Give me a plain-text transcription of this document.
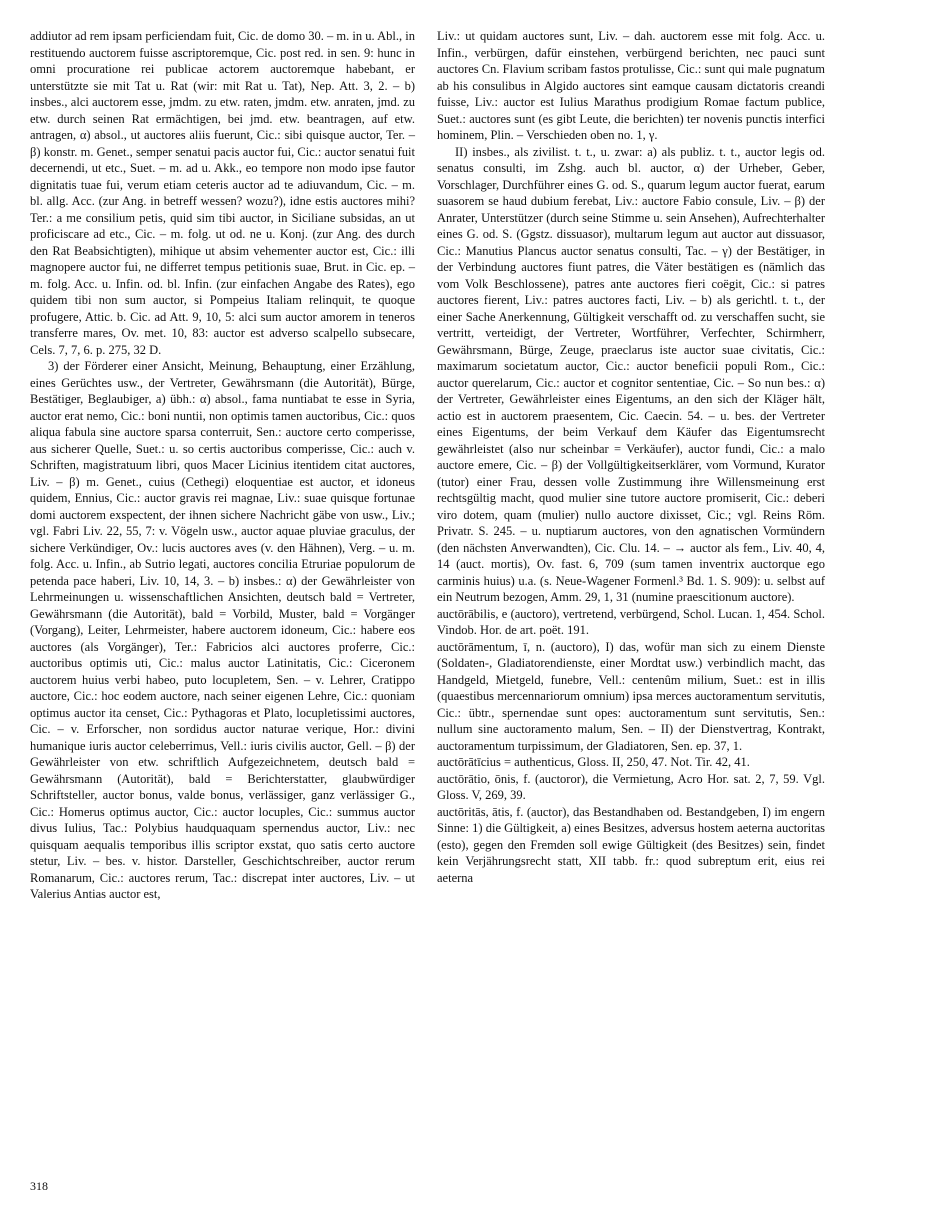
addiutor ad rem ipsam perficiendam fuit, Cic. de domo 30. – m. in u. Abl., in restituendo auctorem fuisse ascriptoremque, Cic. post red. in sen. 9: hunc in omni procuratione rei publicae actorem auctoremque habebant, er unterstützte sie mit Tat u. Rat (wir: mit Rat u. Tat), Nep. Att. 3, 2. – b) insbes., alci auctorem esse, jmdm. zu etw. raten, jmdm. etw. anraten, jmd. zu etw. durch seinen Rat ermächtigen, bei jmd. etw. beantragen, auf etw. antragen, α) absol., ut auctores aliis fuerunt, Cic.: sibi quisque auctor, Ter. – β) konstr. m. Genet., semper senatui pacis auctor fui, Cic.: auctor senatui fuit decernendi, ut etc., Suet. – m. ad u. Akk., eo tempore non modo ipse fautor dignitatis tuae fui, verum etiam ceteris auctor ad te adiuvandum, Cic. – m. bl. allg. Acc. (zur Ang. in betreff wessen? wozu?), idne estis auctores mihi? Ter.: a me consilium petis, quid sim tibi auctor, in Siciliane subsidas, an ut proficiscare ad etc., Cic. – m. folg. ut od. ne u. Konj. (zur Ang. des durch den Rat Beabsichtigten), mihique ut absim vehementer auctor est, Cic.: illi magnopere auctor fui, ne differret tempus petitionis suae, Brut. in Cic. ep. – m. folg. Acc. u. Infin. od. bl. Infin. (zur einfachen Angabe des Rates), ego quidem tibi non sum auctor, si Pompeius Italiam relinquit, te quoque profugere, Attic. b. Cic. ad Att. 9, 10, 5: alci sum auctor amorem in teneros transferre mares, Ov. met. 10, 83: auctor est adverso scalpello subsecare, Cels. 7, 7, 6. p. 275, 32 D.

3) der Förderer einer Ansicht, Meinung, Behauptung, einer Erzählung, eines Gerüchtes usw., der Vertreter, Gewährsmann (die Autorität), Bürge, Bestätiger, Beglaubiger, a) übh.: α) absol., fama nuntiabat te esse in Syria, auctor erat nemo, Cic.: boni nuntii, non optimis tamen auctoribus, Cic.: quos aliqua fabula sine auctore sparsa conterruit, Sen.: auctore certo comperisse, aus sicherer Quelle, Suet.: u. so certis auctoribus comperisse, Cic.: auch v. Schriften, magistratuum libri, quos Macer Licinius itentidem citat auctores, Liv. – β) m. Genet., cuius (Cethegi) eloquentiae est auctor, et idoneus quidem, Ennius, Cic.: auctor gravis rei magnae, Liv.: suae quisque fortunae domi auctorem exspectent, der ihnen sichere Nachricht gäbe von usw., Liv.; vgl. Fabri Liv. 22, 55, 7: v. Vögeln usw., auctor aquae pluviae graculus, der sichere Verkündiger, Ov.: lucis auctores aves (v. den Hähnen), Verg. – u. m. folg. Acc. u. Infin., ab Sutrio legati, auctores concilia Etruriae populorum de petenda pace haberi, Liv. 10, 14, 3. – b) insbes.: α) der Gewährleister von Lehrmeinungen u. wissenschaftlichen Ansichten, deutsch bald = Vertreter, Gewährsmann (die Autorität), bald = Vorbild, Muster, bald = Vorgänger (Vorgang), Leiter, Lehrmeister, habere auctorem idoneum, Cic.: habere eos auctores (als Vorgänger), Ter.: Fabricios alci auctores proferre, Cic.: auctoribus optimis uti, Cic.: malus auctor Latinitatis, Cic.: Ciceronem auctorem huius verbi habeo, puto locupletem, Sen. – v. Lehrer, Cratippo auctore, Cic.: hoc eodem auctore, nach seiner eigenen Lehre, Cic.: quoniam optimus auctor ita censet, Cic.: Pythagoras et Plato, locupletissimi auctores, Cic. – v. Erforscher, non sordidus auctor naturae verique, Hor.: divini humanique iuris auctor celeberrimus, Vell.: iuris civilis auctor, Gell. – β) der Gewährleister von etw. schriftlich Aufgezeichnetem, deutsch bald = Gewährsmann (Autorität), bald = Berichterstatter, glaubwürdiger Schriftsteller, auctor bonus, valde bonus, verlässiger, ganz verlässiger G., Cic.: Homerus optimus auctor, Cic.: auctor locuples, Cic.: summus auctor divus Iulius, Tac.: Polybius haudquaquam spernendus auctor, Liv.: nec quisquam aequalis temporibus illis scriptor exstat, quo satis certo auctore stetur, Liv. – bes. v. histor. Darsteller, Geschichtschreiber, auctor rerum Romanarum, Cic.: auctores rerum, Tac.: discrepat inter auctores, Liv. – ut Valerius Antias auctor est,

Liv.: ut quidam auctores sunt, Liv. – dah. auctorem esse mit folg. Acc. u. Infin., verbürgen, dafür einstehen, verbürgend berichten, nec pauci sunt auctores Cn. Flavium scribam fastos protulisse, Cic.: sunt qui male pugnatum ab his consulibus in Algido auctores sint eamque causam dictatoris creandi fuisse, Liv.: auctor est Iulius Marathus prodigium Romae factum publice, Suet.: auctores sunt (es gibt Leute, die berichten) ter novenis punctis interfici hominem, Plin. – Verschieden oben no. 1, γ.

II) insbes., als zivilist. t. t., u. zwar: a) als publiz. t. t., auctor legis od. senatus consulti, im Zshg. auch bl. auctor, α) der Urheber, Geber, Vorschlager, Durchführer eines G. od. S., quarum legum auctor fuerat, earum suasorem se haud dubium ferebat, Liv.: auctore Fabio consule, Liv. – β) der Anrater, Unterstützer (durch seine Stimme u. sein Ansehen), Aufrechterhalter eines G. od. S. (Ggstz. dissuasor), multarum legum aut auctor aut dissuasor, Cic.: Manutius Plancus auctor senatus consulti, Tac. – γ) der Bestätiger, in der Verbindung auctores fiunt patres, die Väter bestätigen es (nämlich das vom Volk Beschlossene), patres ante auctores fieri coëgit, Cic.: si patres auctores fierent, Liv.: patres auctores facti, Liv. – b) als gerichtl. t. t., der einer Sache Anerkennung, Gültigkeit verschafft od. zu verschaffen sucht, sie vertritt, verteidigt, der Vertreter, Wortführer, Verfechter, Schirmherr, Gewährsmann, Bürge, Zeuge, praeclarus iste auctor suae civitatis, Cic.: maximarum societatum auctor, Cic.: auctor beneficii populi Rom., Cic.: auctor querelarum, Cic.: auctor et cognitor sententiae, Cic. – So nun bes.: α) der Vertreter, Gewährleister eines Eigentums, an den sich der Kläger hält, actio est in auctorem praesentem, Cic. Caecin. 54. – u. bes. der Vertreter eines Eigentums, der beim Verkauf dem Käufer das Eigentumsrecht gewährleistet (also nur scheinbar = Verkäufer), auctor fundi, Cic.: a malo auctore emere, Cic. – β) der Vollgültigkeitserklärer, vom Vormund, Kurator (tutor) einer Frau, dessen volle Zustimmung ihre Willensmeinung erst rechtsgültig macht, quod mulier sine tutore auctore promiserit, Cic.: deberi viro dotem, quam (mulier) nullo auctore dixisset, Cic.; vgl. Reins Röm. Privatr. S. 245. – u. nuptiarum auctores, von den agnatischen Vormündern (den nächsten Anverwandten), Cic. Clu. 14. – → auctor als fem., Liv. 40, 4, 14 (auct. mortis), Ov. fast. 6, 709 (sum tamen inventrix auctorque ego carminis huius) u.a. (s. Neue-Wagener Formenl.³ Bd. 1. S. 909): u. selbst auf ein Neutrum bezogen, Amm. 29, 1, 31 (numine praescitionum auctore).

auctōrābilis, e (auctoro), vertretend, verbürgend, Schol. Lucan. 1, 454. Schol. Vindob. Hor. de art. poët. 191.

auctōrāmentum, ī, n. (auctoro), I) das, wofür man sich zu einem Dienste (Soldaten-, Gladiatorendienste, einer Mordtat usw.) verbindlich macht, das Handgeld, Mietgeld, funebre, Vell.: centenûm milium, Suet.: est in illis (quaestibus mercennariorum omnium) ipsa merces auctoramentum servitutis, Cic.: übtr., spernendae sunt opes: auctoramentum sunt servitutis, Sen.: nullum sine auctoramento malum, Sen. – II) der Dienstvertrag, Kontrakt, auctoramentum turpissimum, der Gladiatoren, Sen. ep. 37, 1.

auctōrātīcius = authenticus, Gloss. II, 250, 47. Not. Tir. 42, 41.

auctōrātio, ōnis, f. (auctoror), die Vermietung, Acro Hor. sat. 2, 7, 59. Vgl. Gloss. V, 269, 39.

auctōritās, ātis, f. (auctor), das Bestandhaben od. Bestandgeben, I) im engern Sinne: 1) die Gültigkeit, a) eines Besitzes, adversus hostem aeterna auctoritas (esto), gegen den Fremden soll ewige Gültigkeit (des Besitzes) sein, findet kein Verjährungsrecht statt, XII tabb. fr.: quod subreptum erit, eius rei aeterna

318
